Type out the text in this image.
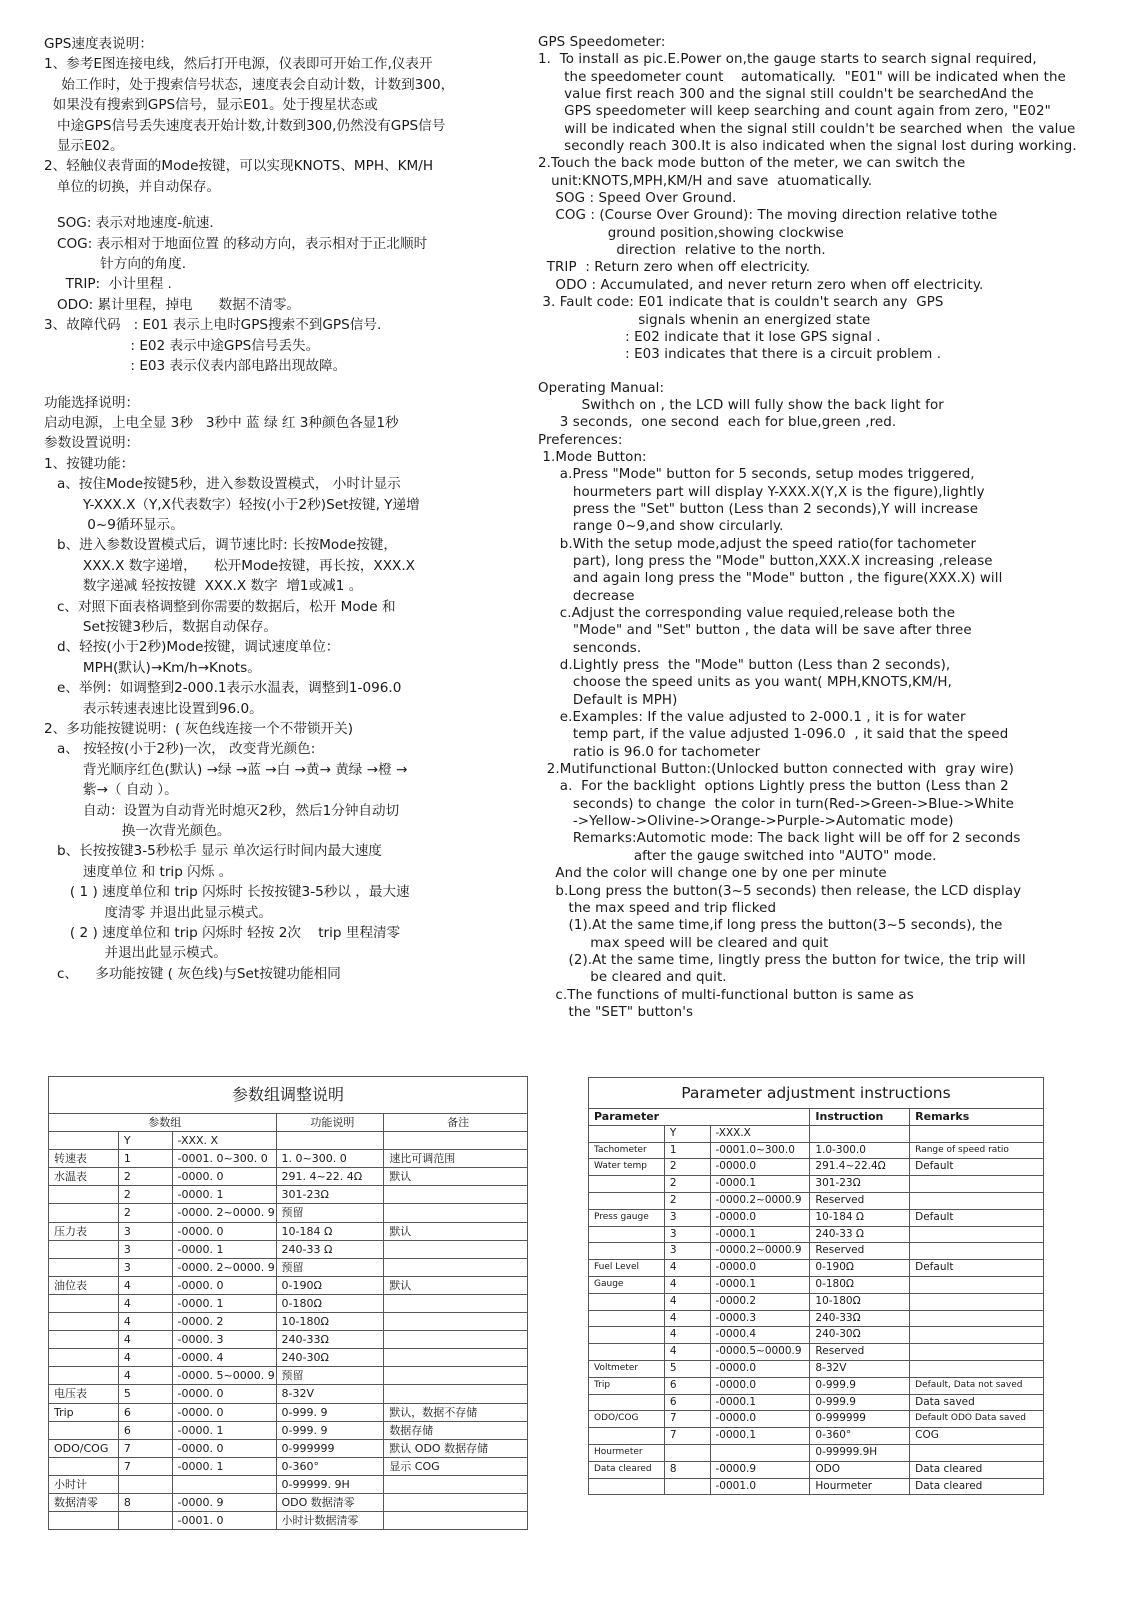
GPS速度表说明：
1、参考E图连接电线，然后打开电源，仪表即可开始工作,仪表开
始工作时，处于搜索信号状态，速度表会自动计数，计数到300，
如果没有搜索到GPS信号，显示E01。处于搜星状态或
中途GPS信号丢失速度表开始计数,计数到300,仍然没有GPS信号
显示E02。
2、轻触仪表背面的Mode按键，可以实现KNOTS、MPH、KM/H
单位的切换，并自动保存。
SOG: 表示对地速度-航速.
COG: 表示相对于地面位置 的移动方向，表示相对于正北顺时
针方向的角度.
TRIP:  小计里程 .
ODO: 累计里程，掉电      数据不清零。
3、故障代码   : E01 表示上电时GPS搜索不到GPS信号.
: E02 表示中途GPS信号丢失。
: E03 表示仪表内部电路出现故障。
功能选择说明：
启动电源，上电全显 3秒   3秒中 蓝 绿 红 3种颜色各显1秒
参数设置说明：
1、按键功能：
a、按住Mode按键5秒，进入参数设置模式， 小时计显示
Y-XXX.X（Y,X代表数字）轻按(小于2秒)Set按键, Y递增
0~9循环显示。
b、进入参数设置模式后，调节速比时: 长按Mode按键，
XXX.X 数字递增，    松开Mode按键，再长按，XXX.X
数字递减 轻按按键  XXX.X 数字  增1或减1 。
c、对照下面表格调整到你需要的数据后，松开 Mode 和
Set按键3秒后，数据自动保存。
d、轻按(小于2秒)Mode按键，调试速度单位：
MPH(默认)→Km/h→Knots。
e、举例：如调整到2-000.1表示水温表，调整到1-096.0
表示转速表速比设置到96.0。
2、多功能按键说明：( 灰色线连接一个不带锁开关)
a、 按轻按(小于2秒)一次， 改变背光颜色:
背光顺序红色(默认) →绿 →蓝 →白 →黄→ 黄绿 →橙 →
紫→（ 自动 ）。
自动：设置为自动背光时熄灭2秒，然后1分钟自动切
换一次背光颜色。
b、长按按键3-5秒松手 显示 单次运行时间内最大速度
速度单位 和 trip 闪烁 。
( 1 ) 速度单位和 trip 闪烁时 长按按键3-5秒以 ，最大速
度清零 并退出此显示模式。
( 2 ) 速度单位和 trip 闪烁时 轻按 2次    trip 里程清零
并退出此显示模式。
c、    多功能按键 ( 灰色线)与Set按键功能相同
GPS Speedometer:
1.  To install as pic.E.Power on,the gauge starts to search signal required,
the speedometer count    automatically.  "E01" will be indicated when the
value first reach 300 and the signal still couldn't be searchedAnd the
GPS speedometer will keep searching and count again from zero, "E02"
will be indicated when the signal still couldn't be searched when  the value
secondly reach 300.It is also indicated when the signal lost during working.
2.Touch the back mode button of the meter, we can switch the
unit:KNOTS,MPH,KM/H and save  atuomatically.
SOG : Speed Over Ground.
COG : (Course Over Ground): The moving direction relative tothe
ground position,showing clockwise
direction  relative to the north.
TRIP  : Return zero when off electricity.
ODO : Accumulated, and never return zero when off electricity.
3. Fault code: E01 indicate that is couldn't search any  GPS
signals whenin an energized state
: E02 indicate that it lose GPS signal .
: E03 indicates that there is a circuit problem .
Operating Manual:
Swithch on , the LCD will fully show the back light for
3 seconds,  one second  each for blue,green ,red.
Preferences:
1.Mode Button:
a.Press "Mode" button for 5 seconds, setup modes triggered,
hourmeters part will display Y-XXX.X(Y,X is the figure),lightly
press the "Set" button (Less than 2 seconds),Y will increase
range 0~9,and show circularly.
b.With the setup mode,adjust the speed ratio(for tachometer
part), long press the "Mode" button,XXX.X increasing ,release
and again long press the "Mode" button , the figure(XXX.X) will
decrease
c.Adjust the corresponding value requied,release both the
"Mode" and "Set" button , the data will be save after three
senconds.
d.Lightly press  the "Mode" button (Less than 2 seconds),
choose the speed units as you want( MPH,KNOTS,KM/H,
Default is MPH)
e.Examples: If the value adjusted to 2-000.1 , it is for water
temp part, if the value adjusted 1-096.0  , it said that the speed
ratio is 96.0 for tachometer
2.Mutifunctional Button:(Unlocked button connected with  gray wire)
a.  For the backlight  options Lightly press the button (Less than 2
seconds) to change  the color in turn(Red->Green->Blue->White
->Yellow->Olivine->Orange->Purple->Automatic mode)
Remarks:Automotic mode: The back light will be off for 2 seconds
after the gauge switched into "AUTO" mode.
And the color will change one by one per minute
b.Long press the button(3~5 seconds) then release, the LCD display
the max speed and trip flicked
(1).At the same time,if long press the button(3~5 seconds), the
max speed will be cleared and quit
(2).At the same time, lingtly press the button for twice, the trip will
be cleared and quit.
c.The functions of multi-functional button is same as
the "SET" button's
参数组调整说明				
参数组			功能说明	备注
	Y	-XXX. X		
转速表	1	-0001. 0~300. 0	1. 0~300. 0	速比可调范围
水温表	2	-0000. 0	291. 4~22. 4Ω	默认
	2	-0000. 1	301-23Ω	
	2	-0000. 2~0000. 9	预留	
压力表	3	-0000. 0	10-184 Ω	默认
	3	-0000. 1	240-33 Ω	
	3	-0000. 2~0000. 9	预留	
油位表	4	-0000. 0	0-190Ω	默认
	4	-0000. 1	0-180Ω	
	4	-0000. 2	10-180Ω	
	4	-0000. 3	240-33Ω	
	4	-0000. 4	240-30Ω	
	4	-0000. 5~0000. 9	预留	
电压表	5	-0000. 0	8-32V	
Trip	6	-0000. 0	0-999. 9	默认，数据不存储
	6	-0000. 1	0-999. 9	数据存储
ODO/COG	7	-0000. 0	0-999999	默认 ODO 数据存储
	7	-0000. 1	0-360°	显示 COG
小时计			0-99999. 9H	
数据清零	8	-0000. 9	ODO 数据清零	
		-0001. 0	小时计数据清零	
Parameter adjustment instructions				
Parameter			Instruction	Remarks
	Y	-XXX.X		
Tachometer	1	-0001.0~300.0	1.0-300.0	Range of speed ratio
Water temp	2	-0000.0	291.4~22.4Ω	Default
	2	-0000.1	301-23Ω	
	2	-0000.2~0000.9	Reserved	
Press gauge	3	-0000.0	10-184 Ω	Default
	3	-0000.1	240-33 Ω	
	3	-0000.2~0000.9	Reserved	
Fuel Level	4	-0000.0	0-190Ω	Default
Gauge	4	-0000.1	0-180Ω	
	4	-0000.2	10-180Ω	
	4	-0000.3	240-33Ω	
	4	-0000.4	240-30Ω	
	4	-0000.5~0000.9	Reserved	
Voltmeter	5	-0000.0	8-32V	
Trip	6	-0000.0	0-999.9	Default, Data not saved
	6	-0000.1	0-999.9	Data saved
ODO/COG	7	-0000.0	0-999999	Default ODO Data saved
	7	-0000.1	0-360°	COG
Hourmeter			0-99999.9H	
Data cleared	8	-0000.9	ODO	Data cleared
		-0001.0	Hourmeter	Data cleared
